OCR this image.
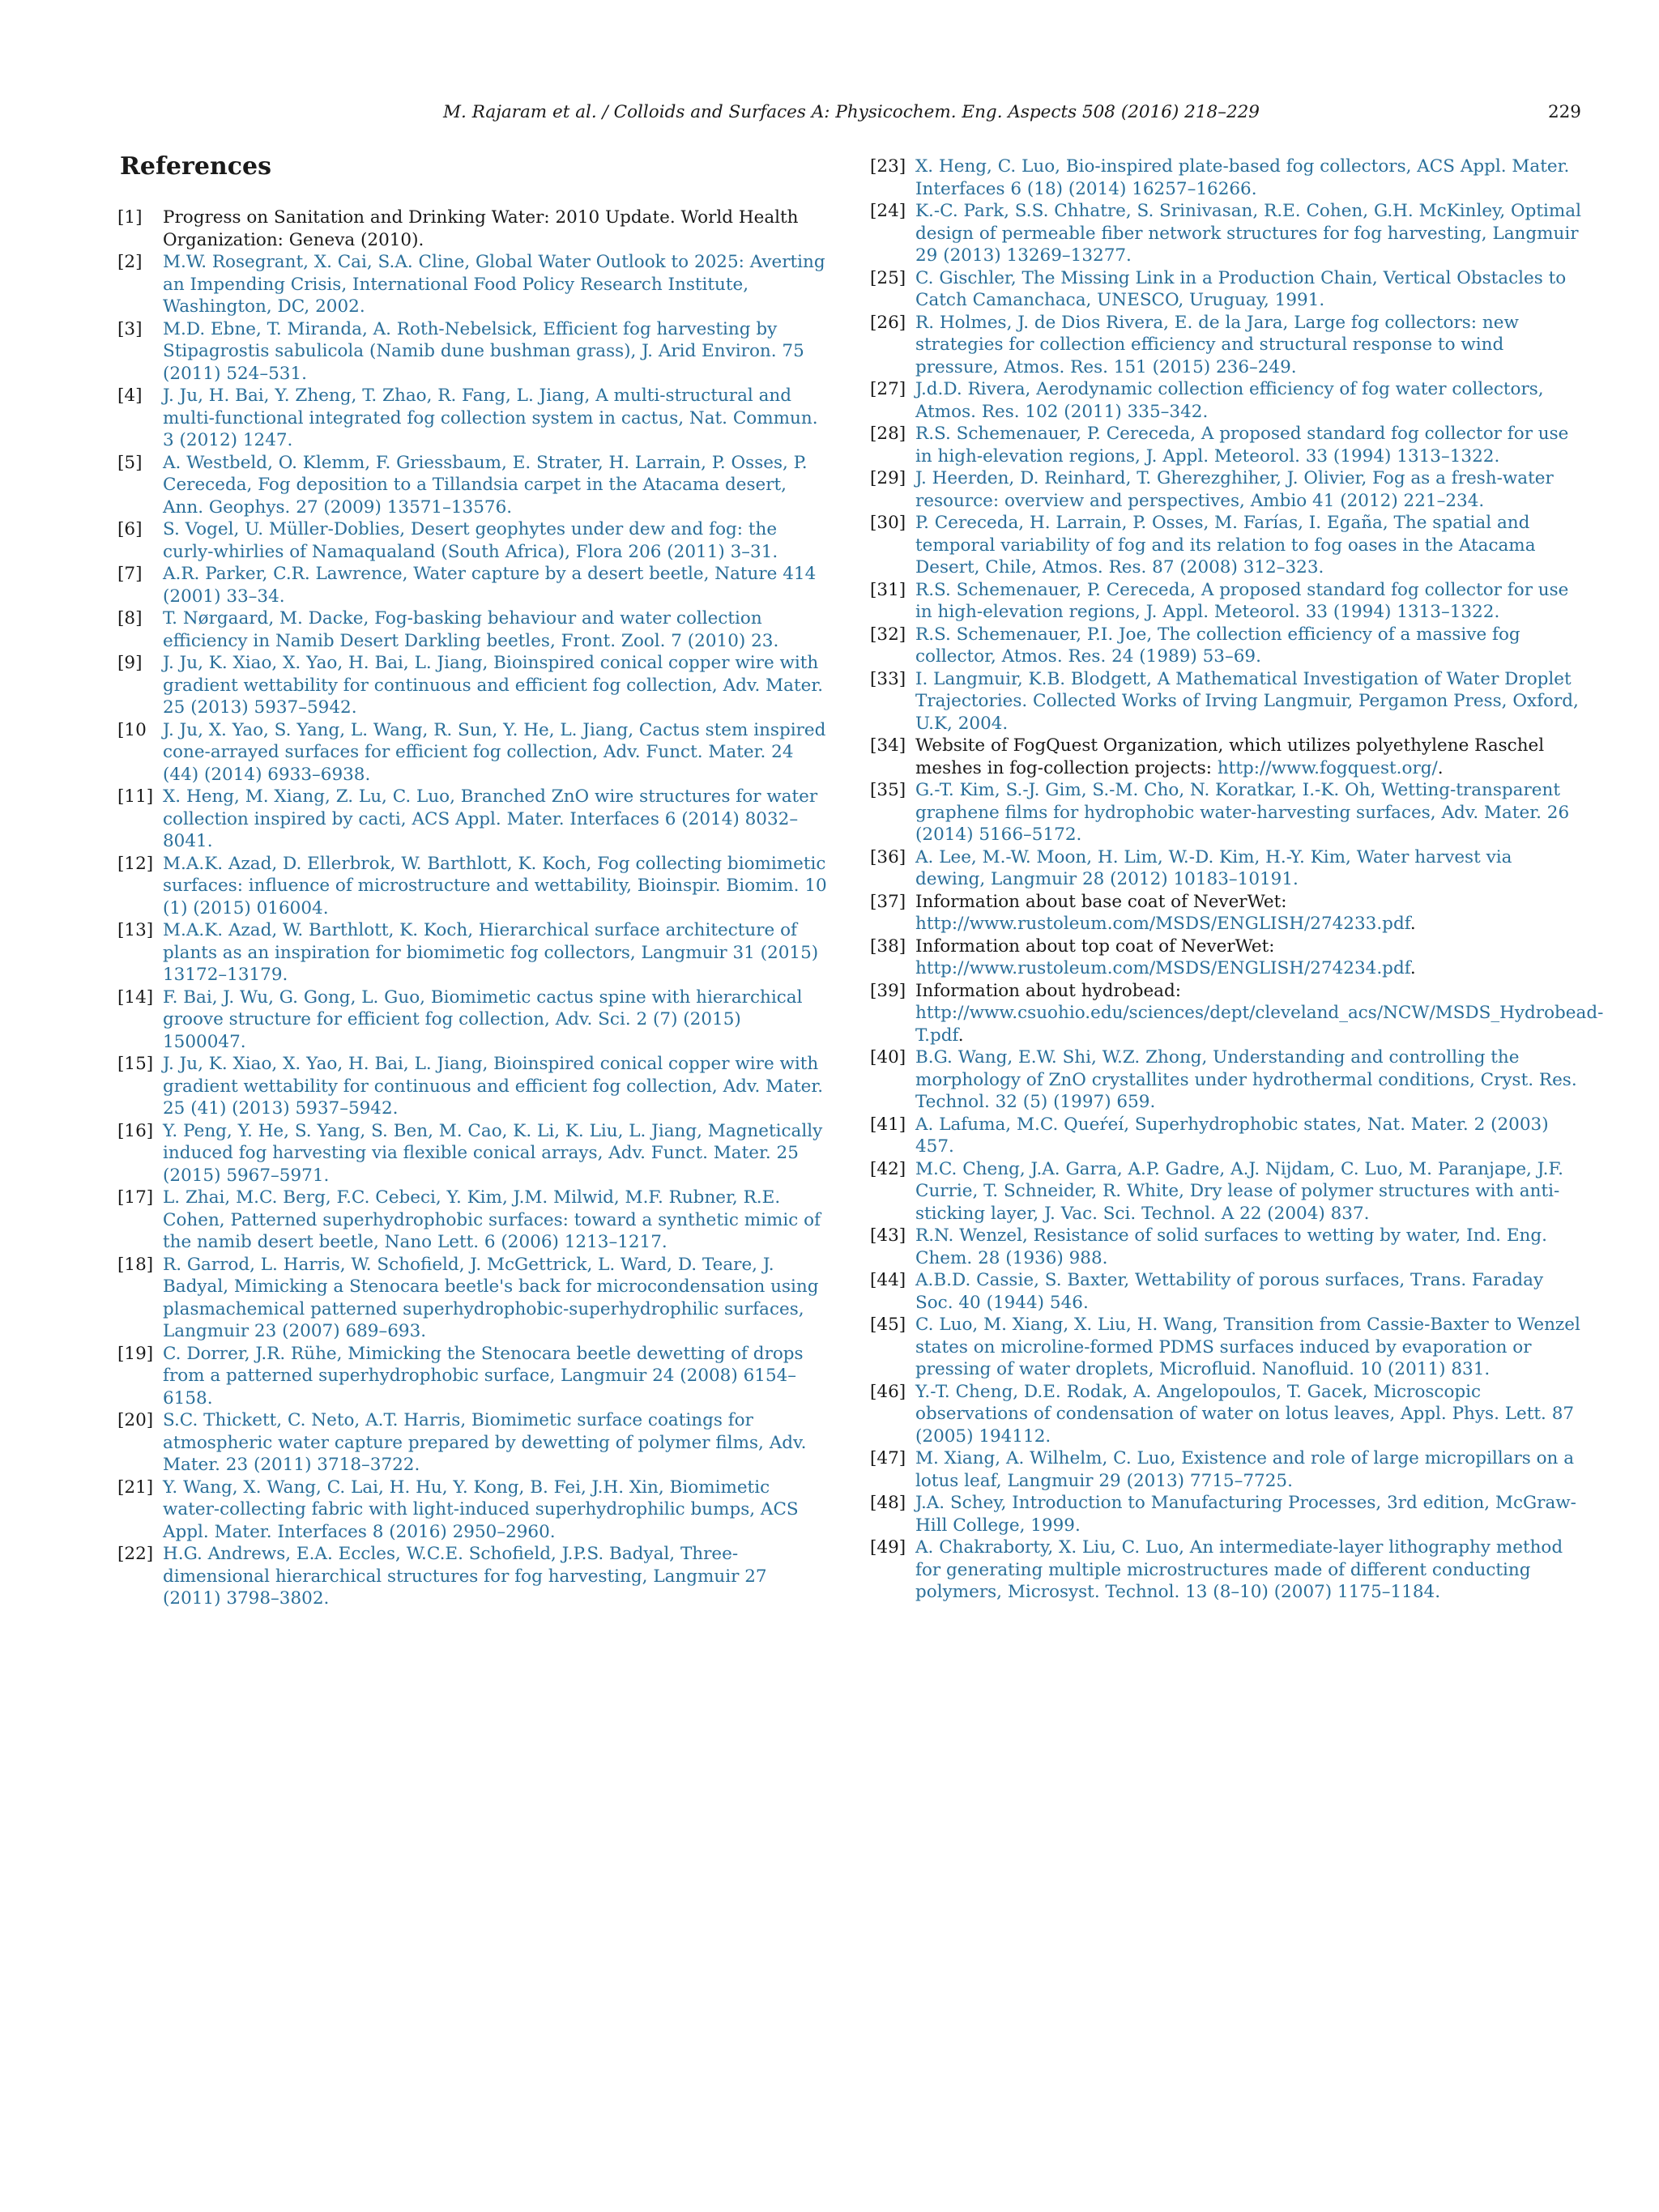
M. Rajaram et al. / Colloids and Surfaces A: Physicochem. Eng. Aspects 508 (2016) 218–229	229
References
[1] Progress on Sanitation and Drinking Water: 2010 Update. World Health Organization: Geneva (2010).
[2] M.W. Rosegrant, X. Cai, S.A. Cline, Global Water Outlook to 2025: Averting an Impending Crisis, International Food Policy Research Institute, Washington, DC, 2002.
[3] M.D. Ebne, T. Miranda, A. Roth-Nebelsick, Efficient fog harvesting by Stipagrostis sabulicola (Namib dune bushman grass), J. Arid Environ. 75 (2011) 524–531.
[4] J. Ju, H. Bai, Y. Zheng, T. Zhao, R. Fang, L. Jiang, A multi-structural and multi-functional integrated fog collection system in cactus, Nat. Commun. 3 (2012) 1247.
[5] A. Westbeld, O. Klemm, F. Griessbaum, E. Strater, H. Larrain, P. Osses, P. Cereceda, Fog deposition to a Tillandsia carpet in the Atacama desert, Ann. Geophys. 27 (2009) 13571–13576.
[6] S. Vogel, U. Müller-Doblies, Desert geophytes under dew and fog: the curly-whirlies of Namaqualand (South Africa), Flora 206 (2011) 3–31.
[7] A.R. Parker, C.R. Lawrence, Water capture by a desert beetle, Nature 414 (2001) 33–34.
[8] T. Nørgaard, M. Dacke, Fog-basking behaviour and water collection efficiency in Namib Desert Darkling beetles, Front. Zool. 7 (2010) 23.
[9] J. Ju, K. Xiao, X. Yao, H. Bai, L. Jiang, Bioinspired conical copper wire with gradient wettability for continuous and efficient fog collection, Adv. Mater. 25 (2013) 5937–5942.
[10 J. Ju, X. Yao, S. Yang, L. Wang, R. Sun, Y. He, L. Jiang, Cactus stem inspired cone-arrayed surfaces for efficient fog collection, Adv. Funct. Mater. 24 (44) (2014) 6933–6938.
[11] X. Heng, M. Xiang, Z. Lu, C. Luo, Branched ZnO wire structures for water collection inspired by cacti, ACS Appl. Mater. Interfaces 6 (2014) 8032–8041.
[12] M.A.K. Azad, D. Ellerbrok, W. Barthlott, K. Koch, Fog collecting biomimetic surfaces: influence of microstructure and wettability, Bioinspir. Biomim. 10 (1) (2015) 016004.
[13] M.A.K. Azad, W. Barthlott, K. Koch, Hierarchical surface architecture of plants as an inspiration for biomimetic fog collectors, Langmuir 31 (2015) 13172–13179.
[14] F. Bai, J. Wu, G. Gong, L. Guo, Biomimetic cactus spine with hierarchical groove structure for efficient fog collection, Adv. Sci. 2 (7) (2015) 1500047.
[15] J. Ju, K. Xiao, X. Yao, H. Bai, L. Jiang, Bioinspired conical copper wire with gradient wettability for continuous and efficient fog collection, Adv. Mater. 25 (41) (2013) 5937–5942.
[16] Y. Peng, Y. He, S. Yang, S. Ben, M. Cao, K. Li, K. Liu, L. Jiang, Magnetically induced fog harvesting via flexible conical arrays, Adv. Funct. Mater. 25 (2015) 5967–5971.
[17] L. Zhai, M.C. Berg, F.C. Cebeci, Y. Kim, J.M. Milwid, M.F. Rubner, R.E. Cohen, Patterned superhydrophobic surfaces: toward a synthetic mimic of the namib desert beetle, Nano Lett. 6 (2006) 1213–1217.
[18] R. Garrod, L. Harris, W. Schofield, J. McGettrick, L. Ward, D. Teare, J. Badyal, Mimicking a Stenocara beetle's back for microcondensation using plasmachemical patterned superhydrophobic-superhydrophilic surfaces, Langmuir 23 (2007) 689–693.
[19] C. Dorrer, J.R. Rühe, Mimicking the Stenocara beetle dewetting of drops from a patterned superhydrophobic surface, Langmuir 24 (2008) 6154–6158.
[20] S.C. Thickett, C. Neto, A.T. Harris, Biomimetic surface coatings for atmospheric water capture prepared by dewetting of polymer films, Adv. Mater. 23 (2011) 3718–3722.
[21] Y. Wang, X. Wang, C. Lai, H. Hu, Y. Kong, B. Fei, J.H. Xin, Biomimetic water-collecting fabric with light-induced superhydrophilic bumps, ACS Appl. Mater. Interfaces 8 (2016) 2950–2960.
[22] H.G. Andrews, E.A. Eccles, W.C.E. Schofield, J.P.S. Badyal, Three-dimensional hierarchical structures for fog harvesting, Langmuir 27 (2011) 3798–3802.
[23] X. Heng, C. Luo, Bio-inspired plate-based fog collectors, ACS Appl. Mater. Interfaces 6 (18) (2014) 16257–16266.
[24] K.-C. Park, S.S. Chhatre, S. Srinivasan, R.E. Cohen, G.H. McKinley, Optimal design of permeable fiber network structures for fog harvesting, Langmuir 29 (2013) 13269–13277.
[25] C. Gischler, The Missing Link in a Production Chain, Vertical Obstacles to Catch Camanchaca, UNESCO, Uruguay, 1991.
[26] R. Holmes, J. de Dios Rivera, E. de la Jara, Large fog collectors: new strategies for collection efficiency and structural response to wind pressure, Atmos. Res. 151 (2015) 236–249.
[27] J.d.D. Rivera, Aerodynamic collection efficiency of fog water collectors, Atmos. Res. 102 (2011) 335–342.
[28] R.S. Schemenauer, P. Cereceda, A proposed standard fog collector for use in high-elevation regions, J. Appl. Meteorol. 33 (1994) 1313–1322.
[29] J. Heerden, D. Reinhard, T. Gherezghiher, J. Olivier, Fog as a fresh-water resource: overview and perspectives, Ambio 41 (2012) 221–234.
[30] P. Cereceda, H. Larrain, P. Osses, M. Farías, I. Egaña, The spatial and temporal variability of fog and its relation to fog oases in the Atacama Desert, Chile, Atmos. Res. 87 (2008) 312–323.
[31] R.S. Schemenauer, P. Cereceda, A proposed standard fog collector for use in high-elevation regions, J. Appl. Meteorol. 33 (1994) 1313–1322.
[32] R.S. Schemenauer, P.I. Joe, The collection efficiency of a massive fog collector, Atmos. Res. 24 (1989) 53–69.
[33] I. Langmuir, K.B. Blodgett, A Mathematical Investigation of Water Droplet Trajectories. Collected Works of Irving Langmuir, Pergamon Press, Oxford, U.K, 2004.
[34] Website of FogQuest Organization, which utilizes polyethylene Raschel meshes in fog-collection projects: http://www.fogquest.org/.
[35] G.-T. Kim, S.-J. Gim, S.-M. Cho, N. Koratkar, I.-K. Oh, Wetting-transparent graphene films for hydrophobic water-harvesting surfaces, Adv. Mater. 26 (2014) 5166–5172.
[36] A. Lee, M.-W. Moon, H. Lim, W.-D. Kim, H.-Y. Kim, Water harvest via dewing, Langmuir 28 (2012) 10183–10191.
[37] Information about base coat of NeverWet: http://www.rustoleum.com/MSDS/ENGLISH/274233.pdf.
[38] Information about top coat of NeverWet: http://www.rustoleum.com/MSDS/ENGLISH/274234.pdf.
[39] Information about hydrobead: http://www.csuohio.edu/sciences/dept/cleveland_acs/NCW/MSDS_Hydrobead-T.pdf.
[40] B.G. Wang, E.W. Shi, W.Z. Zhong, Understanding and controlling the morphology of ZnO crystallites under hydrothermal conditions, Cryst. Res. Technol. 32 (5) (1997) 659.
[41] A. Lafuma, M.C. Queŕeí, Superhydrophobic states, Nat. Mater. 2 (2003) 457.
[42] M.C. Cheng, J.A. Garra, A.P. Gadre, A.J. Nijdam, C. Luo, M. Paranjape, J.F. Currie, T. Schneider, R. White, Dry lease of polymer structures with anti-sticking layer, J. Vac. Sci. Technol. A 22 (2004) 837.
[43] R.N. Wenzel, Resistance of solid surfaces to wetting by water, Ind. Eng. Chem. 28 (1936) 988.
[44] A.B.D. Cassie, S. Baxter, Wettability of porous surfaces, Trans. Faraday Soc. 40 (1944) 546.
[45] C. Luo, M. Xiang, X. Liu, H. Wang, Transition from Cassie-Baxter to Wenzel states on microline-formed PDMS surfaces induced by evaporation or pressing of water droplets, Microfluid. Nanofluid. 10 (2011) 831.
[46] Y.-T. Cheng, D.E. Rodak, A. Angelopoulos, T. Gacek, Microscopic observations of condensation of water on lotus leaves, Appl. Phys. Lett. 87 (2005) 194112.
[47] M. Xiang, A. Wilhelm, C. Luo, Existence and role of large micropillars on a lotus leaf, Langmuir 29 (2013) 7715–7725.
[48] J.A. Schey, Introduction to Manufacturing Processes, 3rd edition, McGraw-Hill College, 1999.
[49] A. Chakraborty, X. Liu, C. Luo, An intermediate-layer lithography method for generating multiple microstructures made of different conducting polymers, Microsyst. Technol. 13 (8–10) (2007) 1175–1184.
